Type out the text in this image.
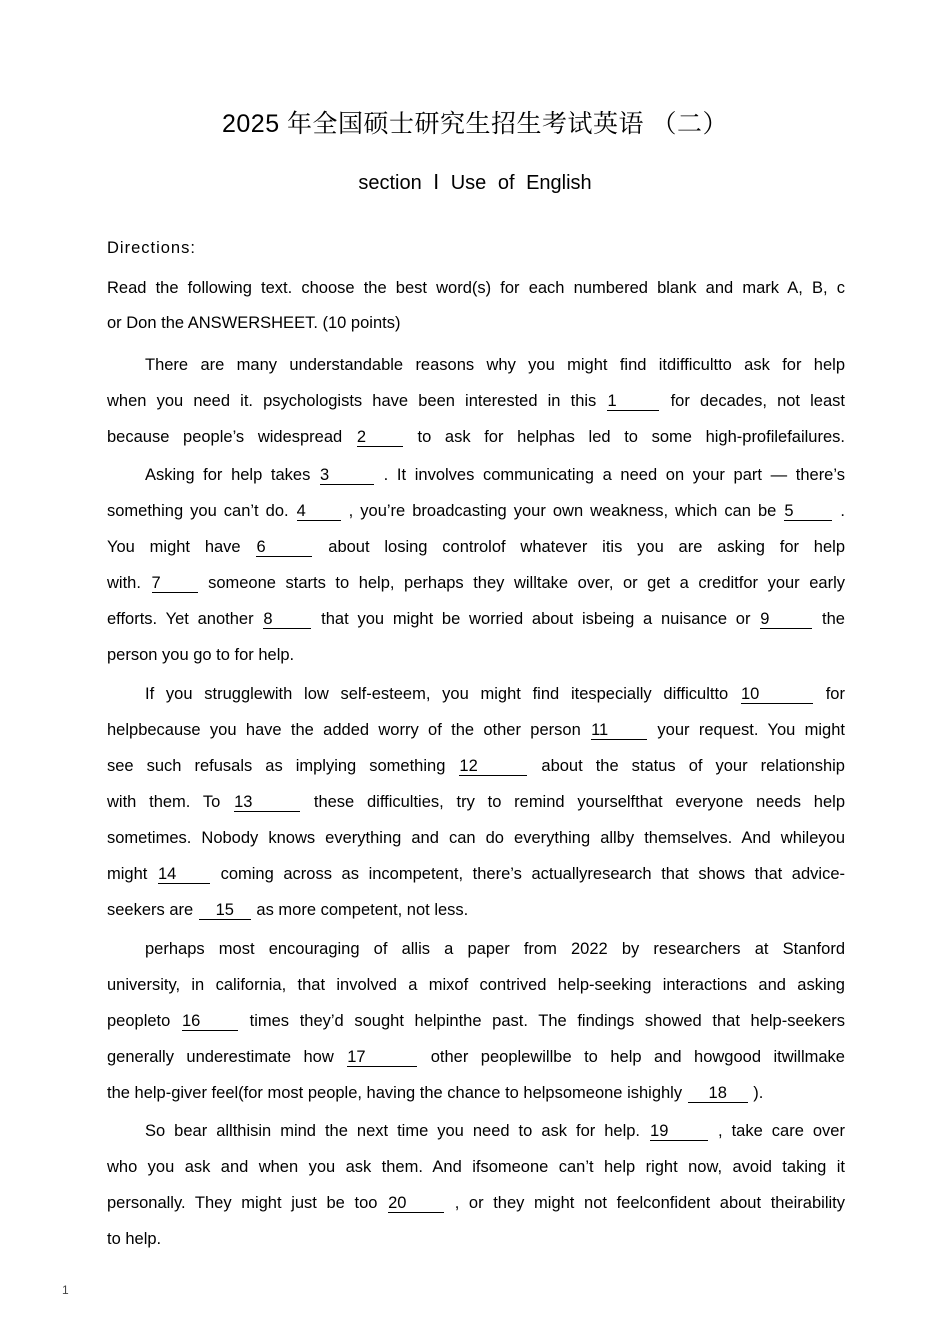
2025 年全国硕士研究生招生考试英语 （二）
section Ⅰ Use of English
Directions:
Read the following text. choose the best word(s) for each numbered blank and mark A, B, c
or Don the ANSWERSHEET. (10 points)
There are many understandable reasons why you might find itdifficultto ask for help
when you need it. psychologists have been interested in this 1	for decades, not least
because people’s widespread 2	to ask for helphas led to some high-profilefailures.
Asking for help takes 3	. It involves communicating a need on your part — there’s
something you can’t do. 4	, you’re broadcasting your own weakness, which can be 5	.
You might have 6	about losing controlof whatever itis you are asking for help
with. 7	someone starts to help, perhaps they willtake over, or get a creditfor your early
efforts. Yet another 8	that you might be worried about isbeing a nuisance or 9	the
person you go to for help.
If you strugglewith low self-esteem, you might find itespecially difficultto 10	for
helpbecause you have the added worry of the other person 11	your request. You might
see such refusals as implying something 12	about the status of your relationship
with them. To 13	these difficulties, try to remind yourselfthat everyone needs help
sometimes. Nobody knows everything and can do everything allby themselves. And whileyou
might 14	coming across as incompetent, there’s actuallyresearch that shows that advice-
seekers are 15 as more competent, not less.
perhaps most encouraging of allis a paper from 2022 by researchers at Stanford
university, in california, that involved a mixof contrived help-seeking interactions and asking
peopleto 16	times they’d sought helpinthe past. The findings showed that help-seekers
generally underestimate how 17	other peoplewillbe to help and howgood itwillmake
the help-giver feel(for most people, having the chance to helpsomeone ishighly 18 ).
So bear allthisin mind the next time you need to ask for help. 19	, take care over
who you ask and when you ask them. And ifsomeone can’t help right now, avoid taking it
personally. They might just be too 20	, or they might not feelconfident about theirability
to help.
1
